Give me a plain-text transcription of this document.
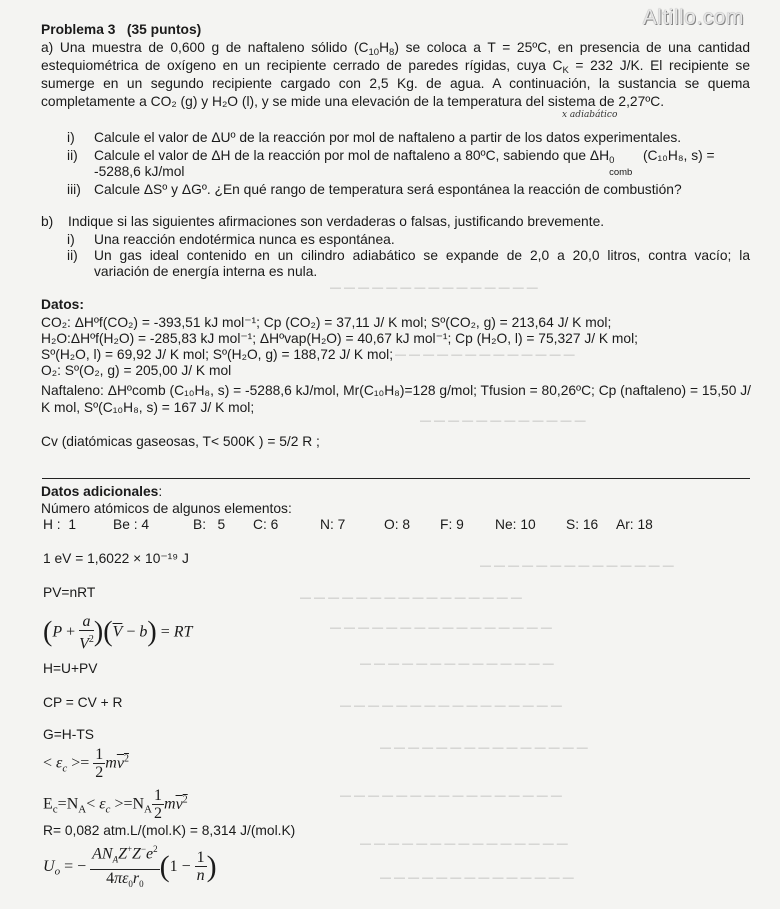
— — — — — — — — — — — — — — —
— — — — — — — — — — — — —
— — — — — — — — — — — —
— — — — — — — — — — — — — —
— — — — — — — — — — — — — — — —
— — — — — — — — — — — — — — — —
— — — — — — — — — — — — — —
— — — — — — — — — — — — — — — —
— — — — — — — — — — — — — — —
— — — — — — — — — — — — — — — —
— — — — — — — — — — — — — — —
— — — — — — — — — — — — — —
Altillo.com
Problema 3 (35 puntos)
a) Una muestra de 0,600 g de naftaleno sólido $(C_{10}H_8)$ se coloca a T = 25ºC, en presencia de una cantidad
estequiométrica de oxígeno en un recipiente cerrado de paredes rígidas, cuya $C_K = 232$ J/K. El recipiente se
sumerge en un segundo recipiente cargado con 2,5 Kg. de agua. A continuación, la sustancia se quema
completamente a CO₂ (g) y H₂O (l), y se mide una elevación de la temperatura del sistema de 2,27ºC.
x adiabático
i) Calcule el valor de ΔUº de la reacción por mol de naftaleno a partir de los datos experimentales.
ii) Calcule el valor de ΔH de la reacción por mol de naftaleno a 80ºC, sabiendo que ΔH 0
comb
(C₁₀H₈, s) =
-5288,6 kJ/mol
iii) Calcule ΔSº y ΔGº. ¿En qué rango de temperatura será espontánea la reacción de combustión?
b) Indique si las siguientes afirmaciones son verdaderas o falsas, justificando brevemente.
i) Una reacción endotérmica nunca es espontánea.
ii) Un gas ideal contenido en un cilindro adiabático se expande de 2,0 a 20,0 litros, contra vacío; la
variación de energía interna es nula.
Datos:
CO₂: ΔHºf(CO₂) = -393,51 kJ mol⁻¹; Cp (CO₂) = 37,11 J/ K mol; Sº(CO₂, g) = 213,64 J/ K mol;
H₂O:ΔHºf(H₂O) = -285,83 kJ mol⁻¹; ΔHºvap(H₂O) = 40,67 kJ mol⁻¹; Cp (H₂O, l) = 75,327 J/ K mol;
Sº(H₂O, l) = 69,92 J/ K mol; Sº(H₂O, g) = 188,72 J/ K mol;
O₂: Sº(O₂, g) = 205,00 J/ K mol
Naftaleno: ΔHºcomb (C₁₀H₈, s) = -5288,6 kJ/mol, Mr(C₁₀H₈)=128 g/mol; Tfusion = 80,26ºC; Cp (naftaleno) = 15,50 J/
K mol, Sº(C₁₀H₈, s) = 167 J/ K mol;
Cv (diatómicas gaseosas, T< 500K ) = 5/2 R ;
Datos adicionales:
Número atómicos de algunos elementos:
H :  1	Be : 4	B:   5 C: 6	N: 7	O: 8 F: 9 Ne: 10 S: 16 Ar: 18
1 eV = 1,6022 × 10⁻¹⁹ J
PV=nRT
$(P + \frac{a}{V^2} )(\overline{V} - b)$ = RT
H=U+PV
CP = CV + R
G=H-TS
< $\varepsilon_c >= \frac{1}{2} mv^2$
$E_c=N_A< \varepsilon_c >=N_A \frac{1}{2} mv^2$
R= 0,082 atm.L/(mol.K) = 8,314 J/(mol.K)
$U_o$ = − $\frac{AN_AZ^+Z^-e^2}{4\pi\varepsilon_0r_0} (1 - \frac{1}{n}$ )
